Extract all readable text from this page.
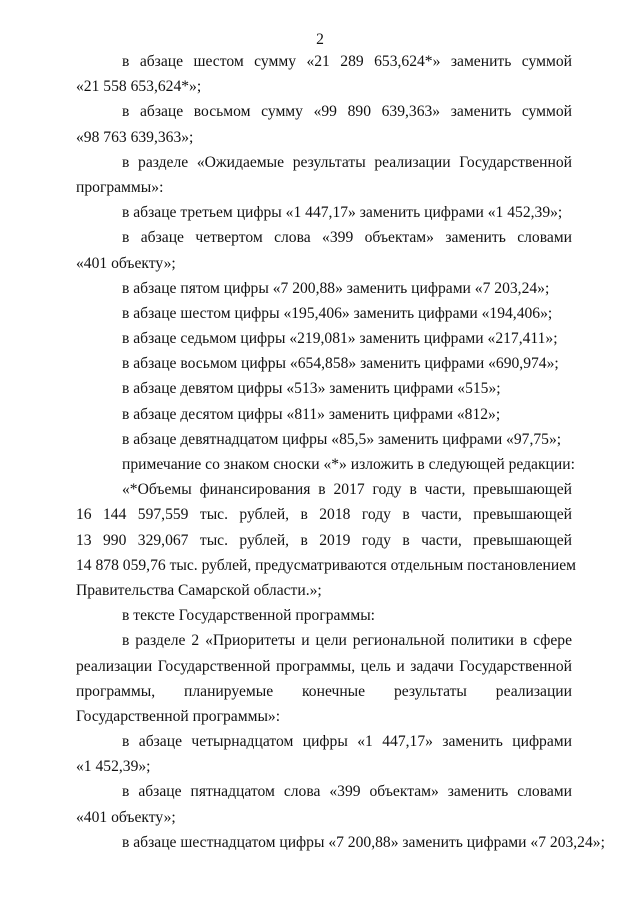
2
в абзаце шестом сумму «21 289 653,624*» заменить суммой
«21 558 653,624*»;
в абзаце восьмом сумму «99 890 639,363» заменить суммой
«98 763 639,363»;
в разделе «Ожидаемые результаты реализации Государственной
программы»:
в абзаце третьем цифры «1 447,17» заменить цифрами «1 452,39»;
в абзаце четвертом слова «399 объектам» заменить словами
«401 объекту»;
в абзаце пятом цифры «7 200,88» заменить цифрами «7 203,24»;
в абзаце шестом цифры «195,406» заменить цифрами «194,406»;
в абзаце седьмом цифры «219,081» заменить цифрами «217,411»;
в абзаце восьмом цифры «654,858» заменить цифрами «690,974»;
в абзаце девятом цифры «513» заменить цифрами «515»;
в абзаце десятом цифры «811» заменить цифрами «812»;
в абзаце девятнадцатом цифры «85,5» заменить цифрами «97,75»;
примечание со знаком сноски «*» изложить в следующей редакции:
«*Объемы финансирования в 2017 году в части, превышающей
16 144 597,559 тыс. рублей, в 2018 году в части, превышающей
13 990 329,067 тыс. рублей, в 2019 году в части, превышающей
14 878 059,76 тыс. рублей, предусматриваются отдельным постановлением
Правительства Самарской области.»;
в тексте Государственной программы:
в разделе 2 «Приоритеты и цели региональной политики в сфере
реализации Государственной программы, цель и задачи Государственной
программы, планируемые конечные результаты реализации
Государственной программы»:
в абзаце четырнадцатом цифры «1 447,17» заменить цифрами
«1 452,39»;
в абзаце пятнадцатом слова «399 объектам» заменить словами
«401 объекту»;
в абзаце шестнадцатом цифры «7 200,88» заменить цифрами «7 203,24»;
